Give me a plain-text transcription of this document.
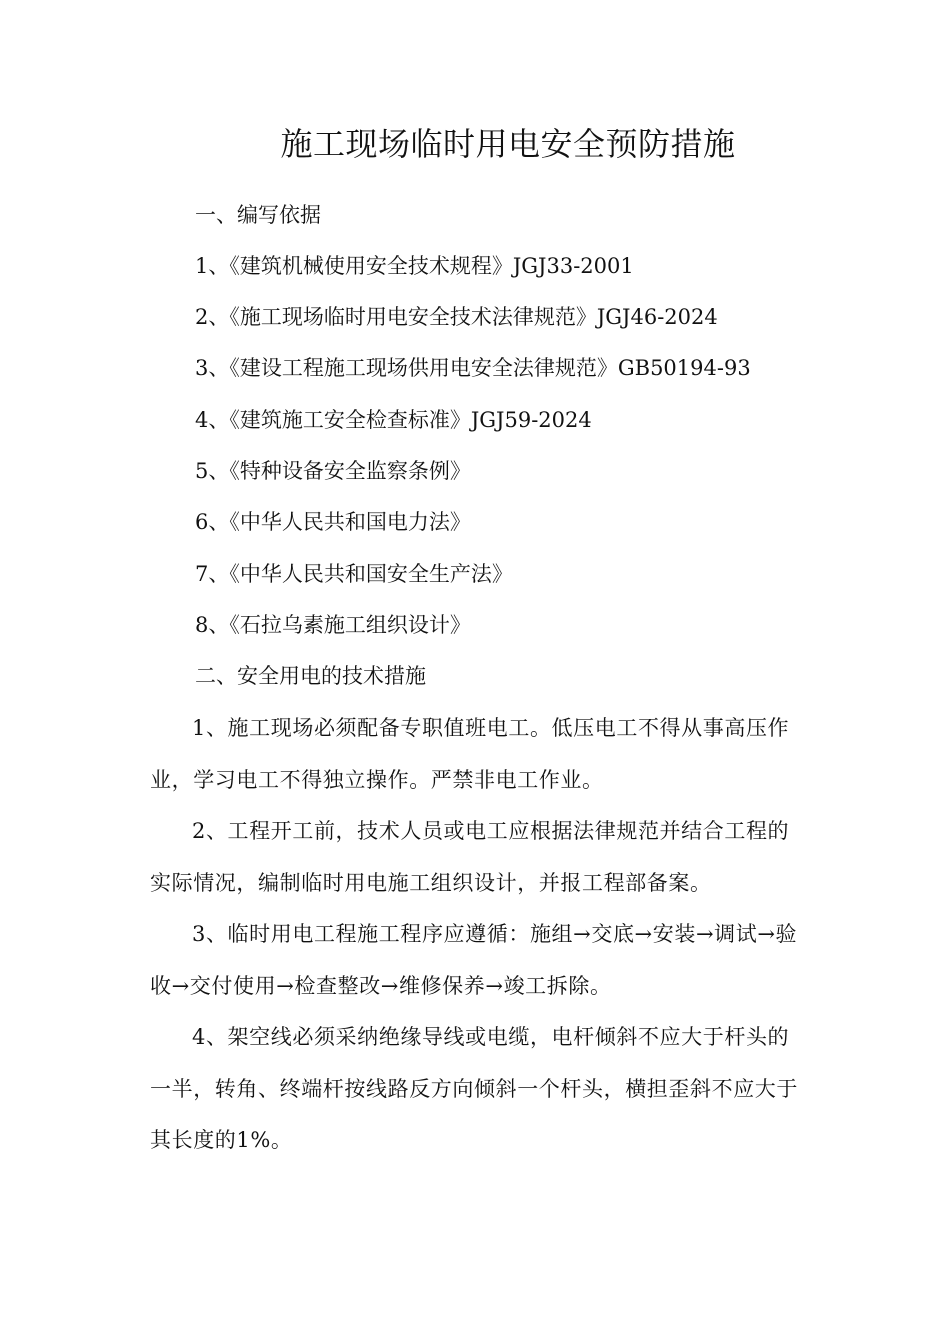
施工现场临时用电安全预防措施

一、编写依据

1、《建筑机械使用安全技术规程》JGJ33-2001

2、《施工现场临时用电安全技术法律规范》JGJ46-2024

3、《建设工程施工现场供用电安全法律规范》GB50194-93

4、《建筑施工安全检查标准》JGJ59-2024

5、《特种设备安全监察条例》

6、《中华人民共和国电力法》

7、《中华人民共和国安全生产法》

8、《石拉乌素施工组织设计》

二、安全用电的技术措施

1、施工现场必须配备专职值班电工。低压电工不得从事高压作业，学习电工不得独立操作。严禁非电工作业。

2、工程开工前，技术人员或电工应根据法律规范并结合工程的实际情况，编制临时用电施工组织设计，并报工程部备案。

3、临时用电工程施工程序应遵循：施组→交底→安装→调试→验收→交付使用→检查整改→维修保养→竣工拆除。

4、架空线必须采纳绝缘导线或电缆，电杆倾斜不应大于杆头的一半，转角、终端杆按线路反方向倾斜一个杆头，横担歪斜不应大于其长度的1%。
